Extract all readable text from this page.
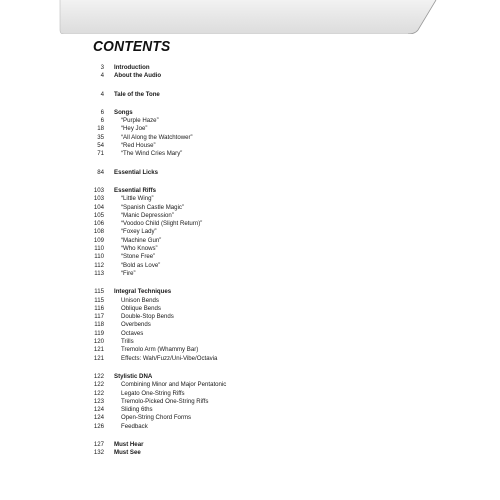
CONTENTS
3 Introduction
4 About the Audio
4 Tale of the Tone
6 Songs
6	“Purple Haze”
18	“Hey Joe”
35	“All Along the Watchtower”
54	“Red House”
71	“The Wind Cries Mary”
84 Essential Licks
103 Essential Riffs
103	“Little Wing”
104	“Spanish Castle Magic”
105	“Manic Depression”
106	“Voodoo Child (Slight Return)”
108	“Foxey Lady”
109	“Machine Gun”
110	“Who Knows”
110	“Stone Free”
112	“Bold as Love”
113	“Fire”
115 Integral Techniques
115	Unison Bends
116	Oblique Bends
117	Double-Stop Bends
118	Overbends
119	Octaves
120	Trills
121	Tremolo Arm (Whammy Bar)
121	Effects: Wah/Fuzz/Uni-Vibe/Octavia
122 Stylistic DNA
122	Combining Minor and Major Pentatonic
122	Legato One-String Riffs
123	Tremolo-Picked One-String Riffs
124	Sliding 6ths
124	Open-String Chord Forms
126	Feedback
127 Must Hear
132 Must See
